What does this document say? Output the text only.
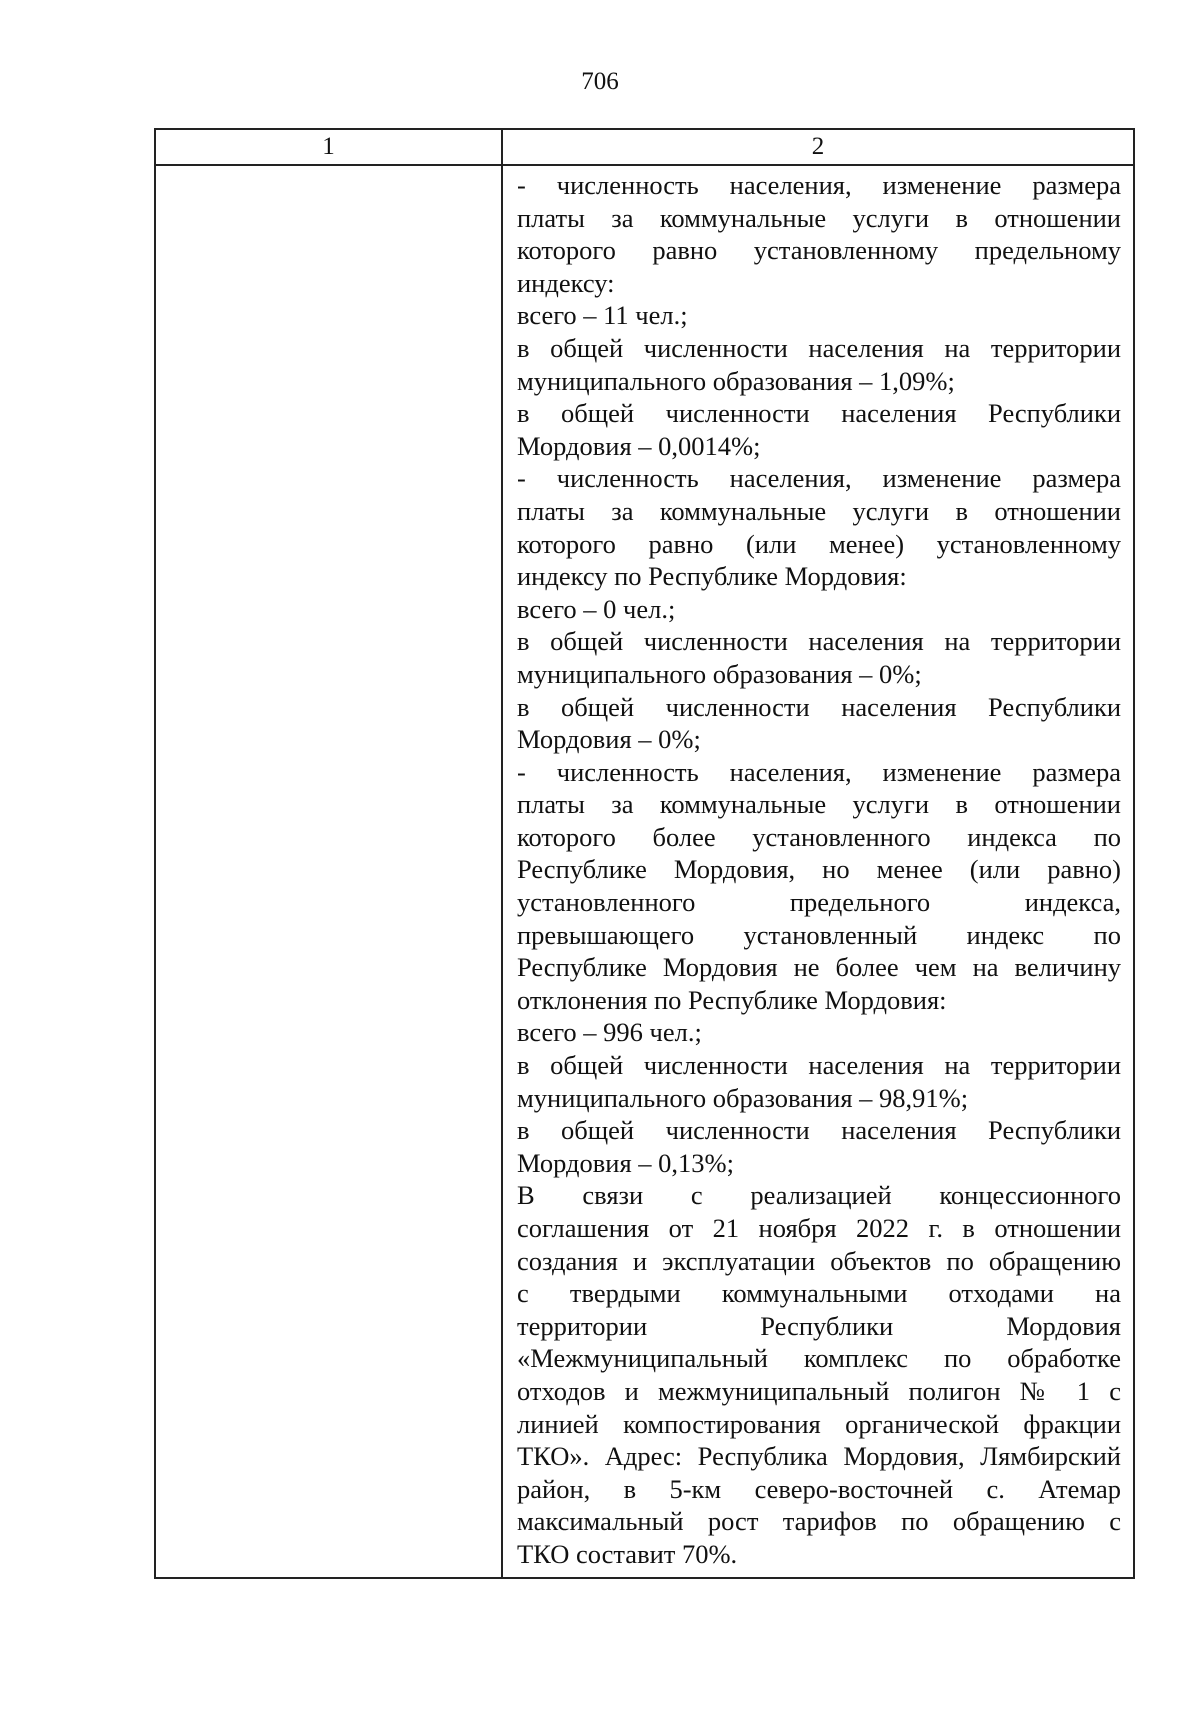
706
1	2
- численность населения, изменение размера
платы за коммунальные услуги в отношении
которого равно установленному предельному
индексу:
всего – 11 чел.;
в общей численности населения на территории
муниципального образования – 1,09%;
в общей численности населения Республики
Мордовия – 0,0014%;
- численность населения, изменение размера
платы за коммунальные услуги в отношении
которого равно (или менее) установленному
индексу по Республике Мордовия:
всего – 0 чел.;
в общей численности населения на территории
муниципального образования – 0%;
в общей численности населения Республики
Мордовия – 0%;
- численность населения, изменение размера
платы за коммунальные услуги в отношении
которого более установленного индекса по
Республике Мордовия, но менее (или равно)
установленного предельного индекса,
превышающего установленный индекс по
Республике Мордовия не более чем на величину
отклонения по Республике Мордовия:
всего – 996 чел.;
в общей численности населения на территории
муниципального образования – 98,91%;
в общей численности населения Республики
Мордовия – 0,13%;
В связи с реализацией концессионного
соглашения от 21 ноября 2022 г. в отношении
создания и эксплуатации объектов по обращению
с твердыми коммунальными отходами на
территории Республики Мордовия
«Межмуниципальный комплекс по обработке
отходов и межмуниципальный полигон № 1 с
линией компостирования органической фракции
ТКО». Адрес: Республика Мордовия, Лямбирский
район, в 5-км северо-восточней с. Атемар
максимальный рост тарифов по обращению с
ТКО составит 70%.
